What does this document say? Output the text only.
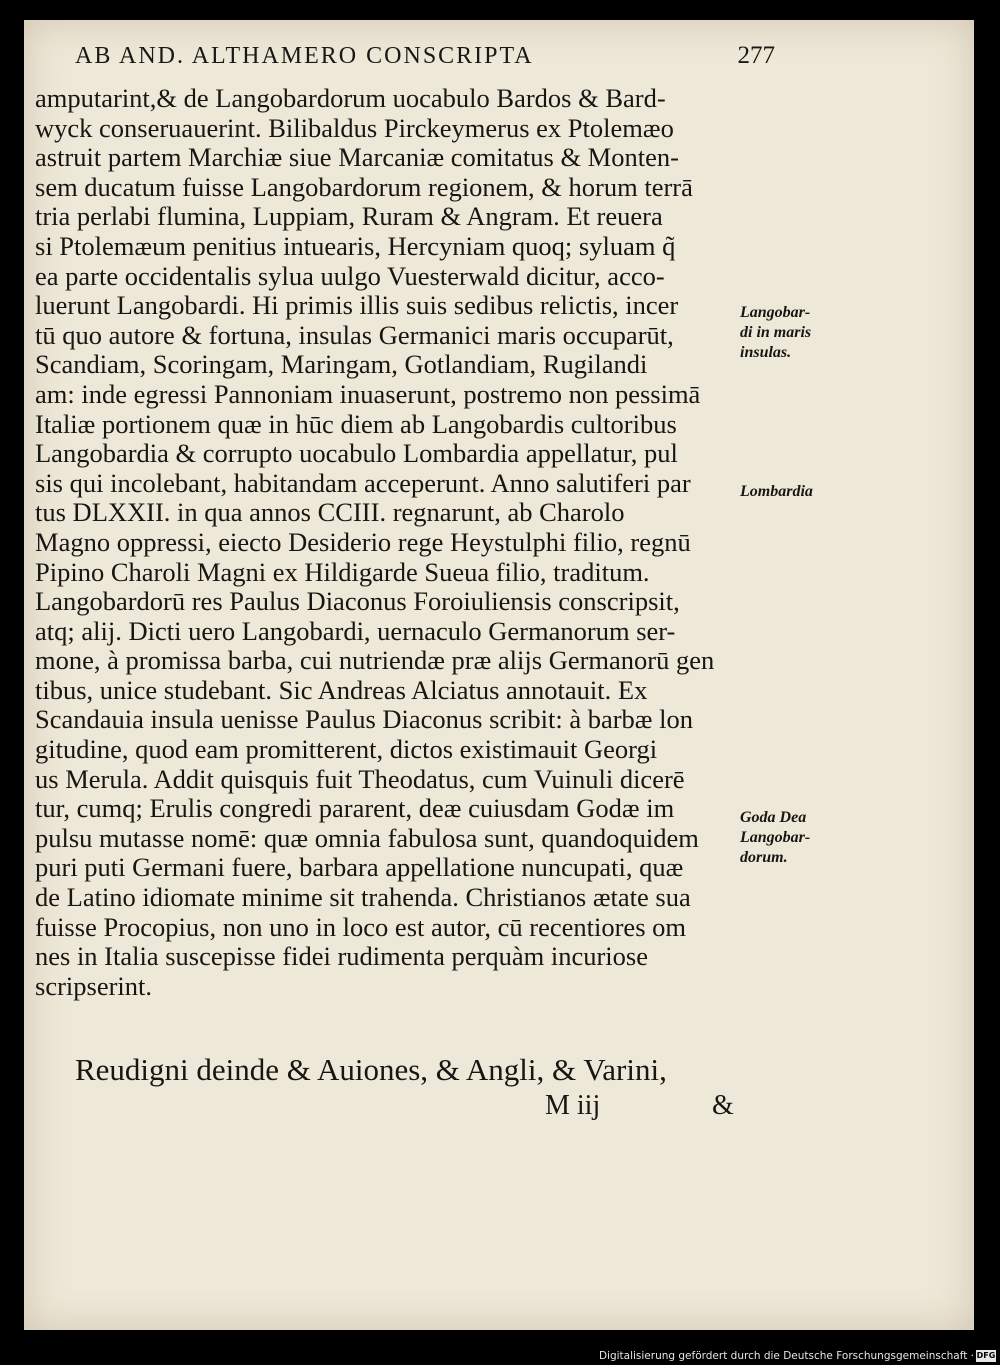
AB AND. ALTHAMERO CONSCRIPTA	277
amputarint,& de Langobardorum uocabulo Bardos & Bard-
wyck conseruauerint. Bilibaldus Pirckeymerus ex Ptolemæo
astruit partem Marchiæ siue Marcaniæ comitatus & Monten-
sem ducatum fuisse Langobardorum regionem, & horum terrā
tria perlabi flumina, Luppiam, Ruram & Angram. Et reuera
si Ptolemæum penitius intuearis, Hercyniam quoq; syluam q̃
ea parte occidentalis sylua uulgo Vuesterwald dicitur, acco-
luerunt Langobardi. Hi primis illis suis sedibus relictis, incer
tū quo autore & fortuna, insulas Germanici maris occuparūt,
Scandiam, Scoringam, Maringam, Gotlandiam, Rugilandi
am: inde egressi Pannoniam inuaserunt, postremo non pessimā
Italiæ portionem quæ in hūc diem ab Langobardis cultoribus
Langobardia & corrupto uocabulo Lombardia appellatur, pul
sis qui incolebant, habitandam acceperunt. Anno salutiferi par
tus DLXXII. in qua annos CCIII. regnarunt, ab Charolo
Magno oppressi, eiecto Desiderio rege Heystulphi filio, regnū
Pipino Charoli Magni ex Hildigarde Sueua filio, traditum.
Langobardorū res Paulus Diaconus Foroiuliensis conscripsit,
atq; alij. Dicti uero Langobardi, uernaculo Germanorum ser-
mone, à promissa barba, cui nutriendæ præ alijs Germanorū gen
tibus, unice studebant. Sic Andreas Alciatus annotauit. Ex
Scandauia insula uenisse Paulus Diaconus scribit: à barbæ lon
gitudine, quod eam promitterent, dictos existimauit Georgi
us Merula. Addit quisquis fuit Theodatus, cum Vuinuli dicerē
tur, cumq; Erulis congredi pararent, deæ cuiusdam Godæ im
pulsu mutasse nomē: quæ omnia fabulosa sunt, quandoquidem
puri puti Germani fuere, barbara appellatione nuncupati, quæ
de Latino idiomate minime sit trahenda. Christianos ætate sua
fuisse Procopius, non uno in loco est autor, cū recentiores om
nes in Italia suscepisse fidei rudimenta perquàm incuriose
scripserint.
Langobar-
di in maris
insulas.
Lombardia
Goda Dea
Langobar-
dorum.
Reudigni deinde & Auiones, & Angli, & Varini,
M iij	&
Digitalisierung gefördert durch die Deutsche Forschungsgemeinschaft · DFG
